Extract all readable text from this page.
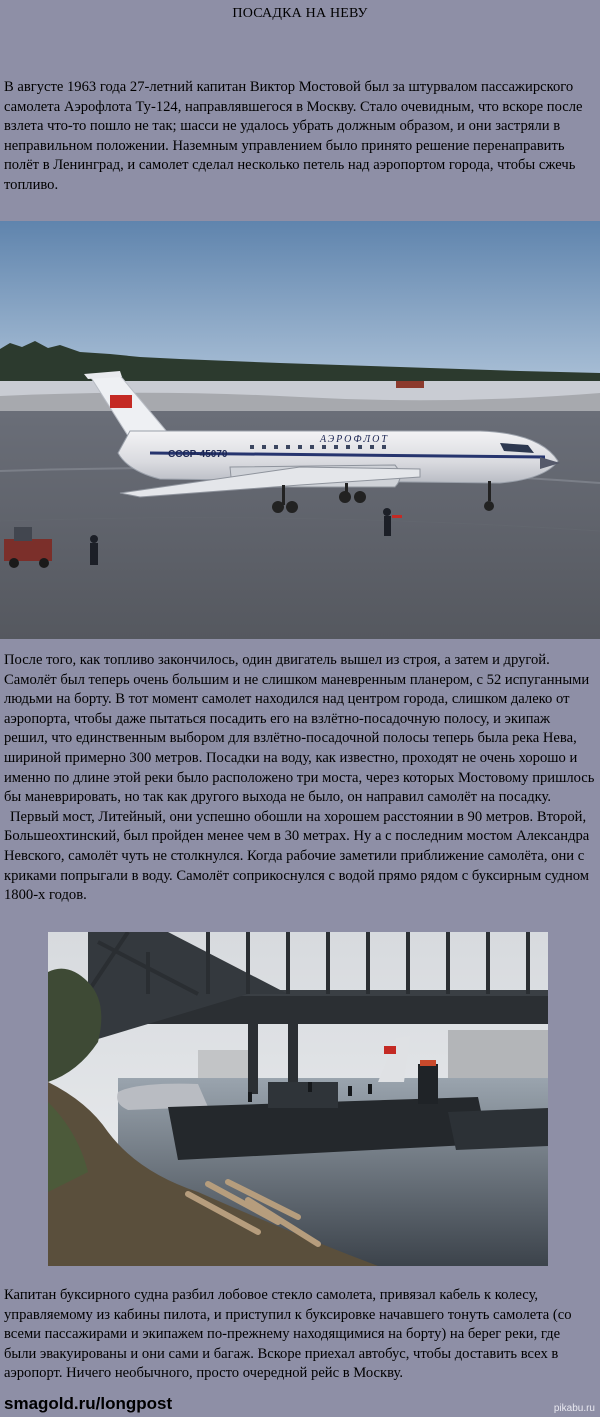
ПОСАДКА НА НЕВУ
В августе 1963 года 27-летний капитан Виктор Мостовой был за штурвалом пассажирского самолета Аэрофлота Ту-124, направлявшегося в Москву. Стало очевидным, что вскоре после взлета что-то пошло не так; шасси не удалось убрать должным образом, и они застряли в неправильном положении. Наземным управлением было принято решение перенаправить полёт в Ленинград, и самолет сделал несколько петель над аэропортом города, чтобы сжечь топливо.
СССР-45070
АЭРОФЛОТ
После того, как топливо закончилось, один двигатель вышел из строя, а затем и другой. Самолёт был теперь очень большим и не слишком маневренным планером, с 52 испуганными людьми на борту. В тот момент самолет находился над центром города, слишком далеко от аэропорта, чтобы даже пытаться посадить его на взлётно-посадочную полосу, и экипаж решил, что единственным выбором для взлётно-посадочной полосы теперь была река Нева, шириной примерно 300 метров. Посадки на воду, как известно, проходят не очень хорошо и именно по длине этой реки было расположено три моста, через которых Мостовому пришлось бы маневрировать, но так как другого выхода не было, он направил самолёт на посадку.
Первый мост, Литейный, они успешно обошли на хорошем расстоянии в 90 метров. Второй, Большеохтинский, был пройден менее чем в 30 метрах. Ну а с последним мостом Александра Невского, самолёт чуть не столкнулся. Когда рабочие заметили приближение самолёта, они с криками попрыгали в воду. Самолёт соприкоснулся с водой прямо рядом с буксирным судном 1800-х годов.
Капитан буксирного судна разбил лобовое стекло самолета, привязал кабель к колесу, управляемому из кабины пилота, и приступил к буксировке начавшего тонуть самолета (со всеми пассажирами и экипажем по-прежнему находящимися на борту) на берег реки, где были эвакуированы и они сами и багаж. Вскоре приехал автобус, чтобы доставить всех в аэропорт. Ничего необычного, просто очередной рейс в Москву.
smagold.ru/longpost	pikabu.ru
